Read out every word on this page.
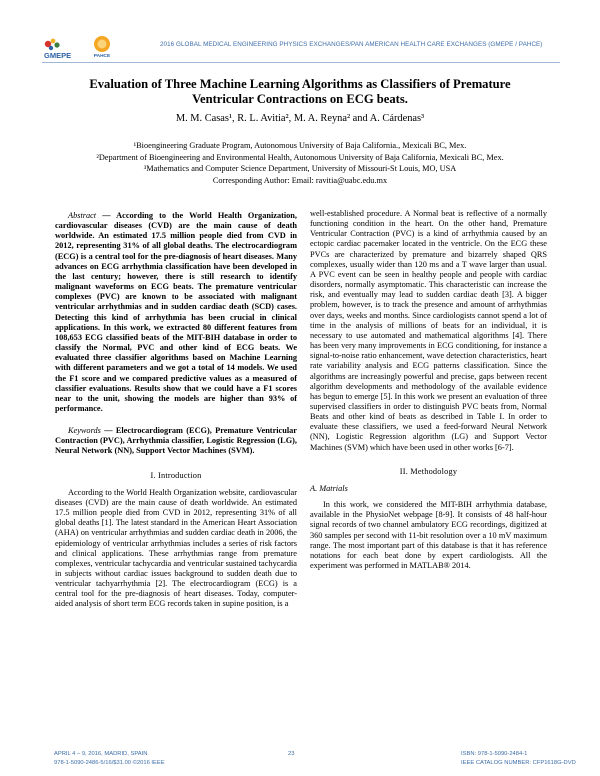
GMEPE	PAHCE
2016 GLOBAL MEDICAL ENGINEERING PHYSICS EXCHANGES/PAN AMERICAN HEALTH CARE EXCHANGES (GMEPE / PAHCE)
Evaluation of Three Machine Learning Algorithms as Classifiers of Premature
Ventricular Contractions on ECG beats.
M. M. Casas¹, R. L. Avitia², M. A. Reyna² and A. Cárdenas³
¹Bioengineering Graduate Program, Autonomous University of Baja California., Mexicali BC, Mex.
²Department of Bioengineering and Environmental Health, Autonomous University of Baja California, Mexicali BC, Mex.
³Mathematics and Computer Science Department, University of Missouri-St Louis, MO, USA
Corresponding Author: Email: ravitia@uabc.edu.mx

Abstract — According to the World Health Organization, cardiovascular diseases (CVD) are the main cause of death worldwide. An estimated 17.5 million people died from CVD in 2012, representing 31% of all global deaths. The electrocardiogram (ECG) is a central tool for the pre-diagnosis of heart diseases. Many advances on ECG arrhythmia classification have been developed in the last century; however, there is still research to identify malignant waveforms on ECG beats. The premature ventricular complexes (PVC) are known to be associated with malignant ventricular arrhythmias and in sudden cardiac death (SCD) cases. Detecting this kind of arrhythmia has been crucial in clinical applications. In this work, we extracted 80 different features from 108,653 ECG classified beats of the MIT-BIH database in order to classify the Normal, PVC and other kind of ECG beats. We evaluated three classifier algorithms based on Machine Learning with different parameters and we got a total of 14 models. We used the F1 score and we compared predictive values as a measured of classifier evaluations. Results show that we could have a F1 scores near to the unit, showing the models are higher than 93% of performance.

Keywords — Electrocardiogram (ECG), Premature Ventricular Contraction (PVC), Arrhythmia classifier, Logistic Regression (LG), Neural Network (NN), Support Vector Machines (SVM).

I. Introduction

According to the World Health Organization website, cardiovascular diseases (CVD) are the main cause of death worldwide. An estimated 17.5 million people died from CVD in 2012, representing 31% of all global deaths [1]. The latest standard in the American Heart Association (AHA) on ventricular arrhythmias and sudden cardiac death in 2006, the epidemiology of ventricular arrhythmias includes a series of risk factors and clinical applications. These arrhythmias range from premature complexes, ventricular tachycardia and ventricular sustained tachycardia in subjects without cardiac issues background to sudden death due to ventricular tachyarrhythmia [2]. The electrocardiogram (ECG) is a central tool for the pre-diagnosis of heart diseases. Today, computer-aided analysis of short term ECG records taken in supine position, is a

well-established procedure. A Normal beat is reflective of a normally functioning condition in the heart. On the other hand, Premature Ventricular Contraction (PVC) is a kind of arrhythmia caused by an ectopic cardiac pacemaker located in the ventricle. On the ECG these PVCs are characterized by premature and bizarrely shaped QRS complexes, usually wider than 120 ms and a T wave larger than usual. A PVC event can be seen in healthy people and people with cardiac disorders, normally asymptomatic. This characteristic can increase the risk, and eventually may lead to sudden cardiac death [3]. A bigger problem, however, is to track the presence and amount of arrhythmias over days, weeks and months. Since cardiologists cannot spend a lot of time in the analysis of millions of beats for an individual, it is necessary to use automated and mathematical algorithms [4]. There has been very many improvements in ECG conditioning, for instance a signal-to-noise ratio enhancement, wave detection characteristics, heart rate variability analysis and ECG patterns classification. Since the algorithms are increasingly powerful and precise, gaps between recent algorithm developments and methodology of the available evidence has begun to emerge [5]. In this work we present an evaluation of three supervised classifiers in order to distinguish PVC beats from, Normal Beats and other kind of beats as described in Table I. In order to evaluate these classifiers, we used a feed-forward Neural Network (NN), Logistic Regression algorithm (LG) and Support Vector Machines (SVM) which have been used in other works [6-7].

II. Methodology
A. Matrials

In this work, we considered the MIT-BIH arrhythmia database, available in the PhysioNet webpage [8-9]. It consists of 48 half-hour signal records of two channel ambulatory ECG recordings, digitized at 360 samples per second with 11-bit resolution over a 10 mV maximum range. The most important part of this database is that it has reference notations for each beat done by expert cardiologists. All the experiment was performed in MATLAB® 2014.

APRIL 4 – 9, 2016, MADRID, SPAIN
978-1-5090-2486-5/16/$31.00 ©2016 IEEE
23	ISBN: 978-1-5090-2484-1
IEEE CATALOG NUMBER: CFP1618G-DVD
